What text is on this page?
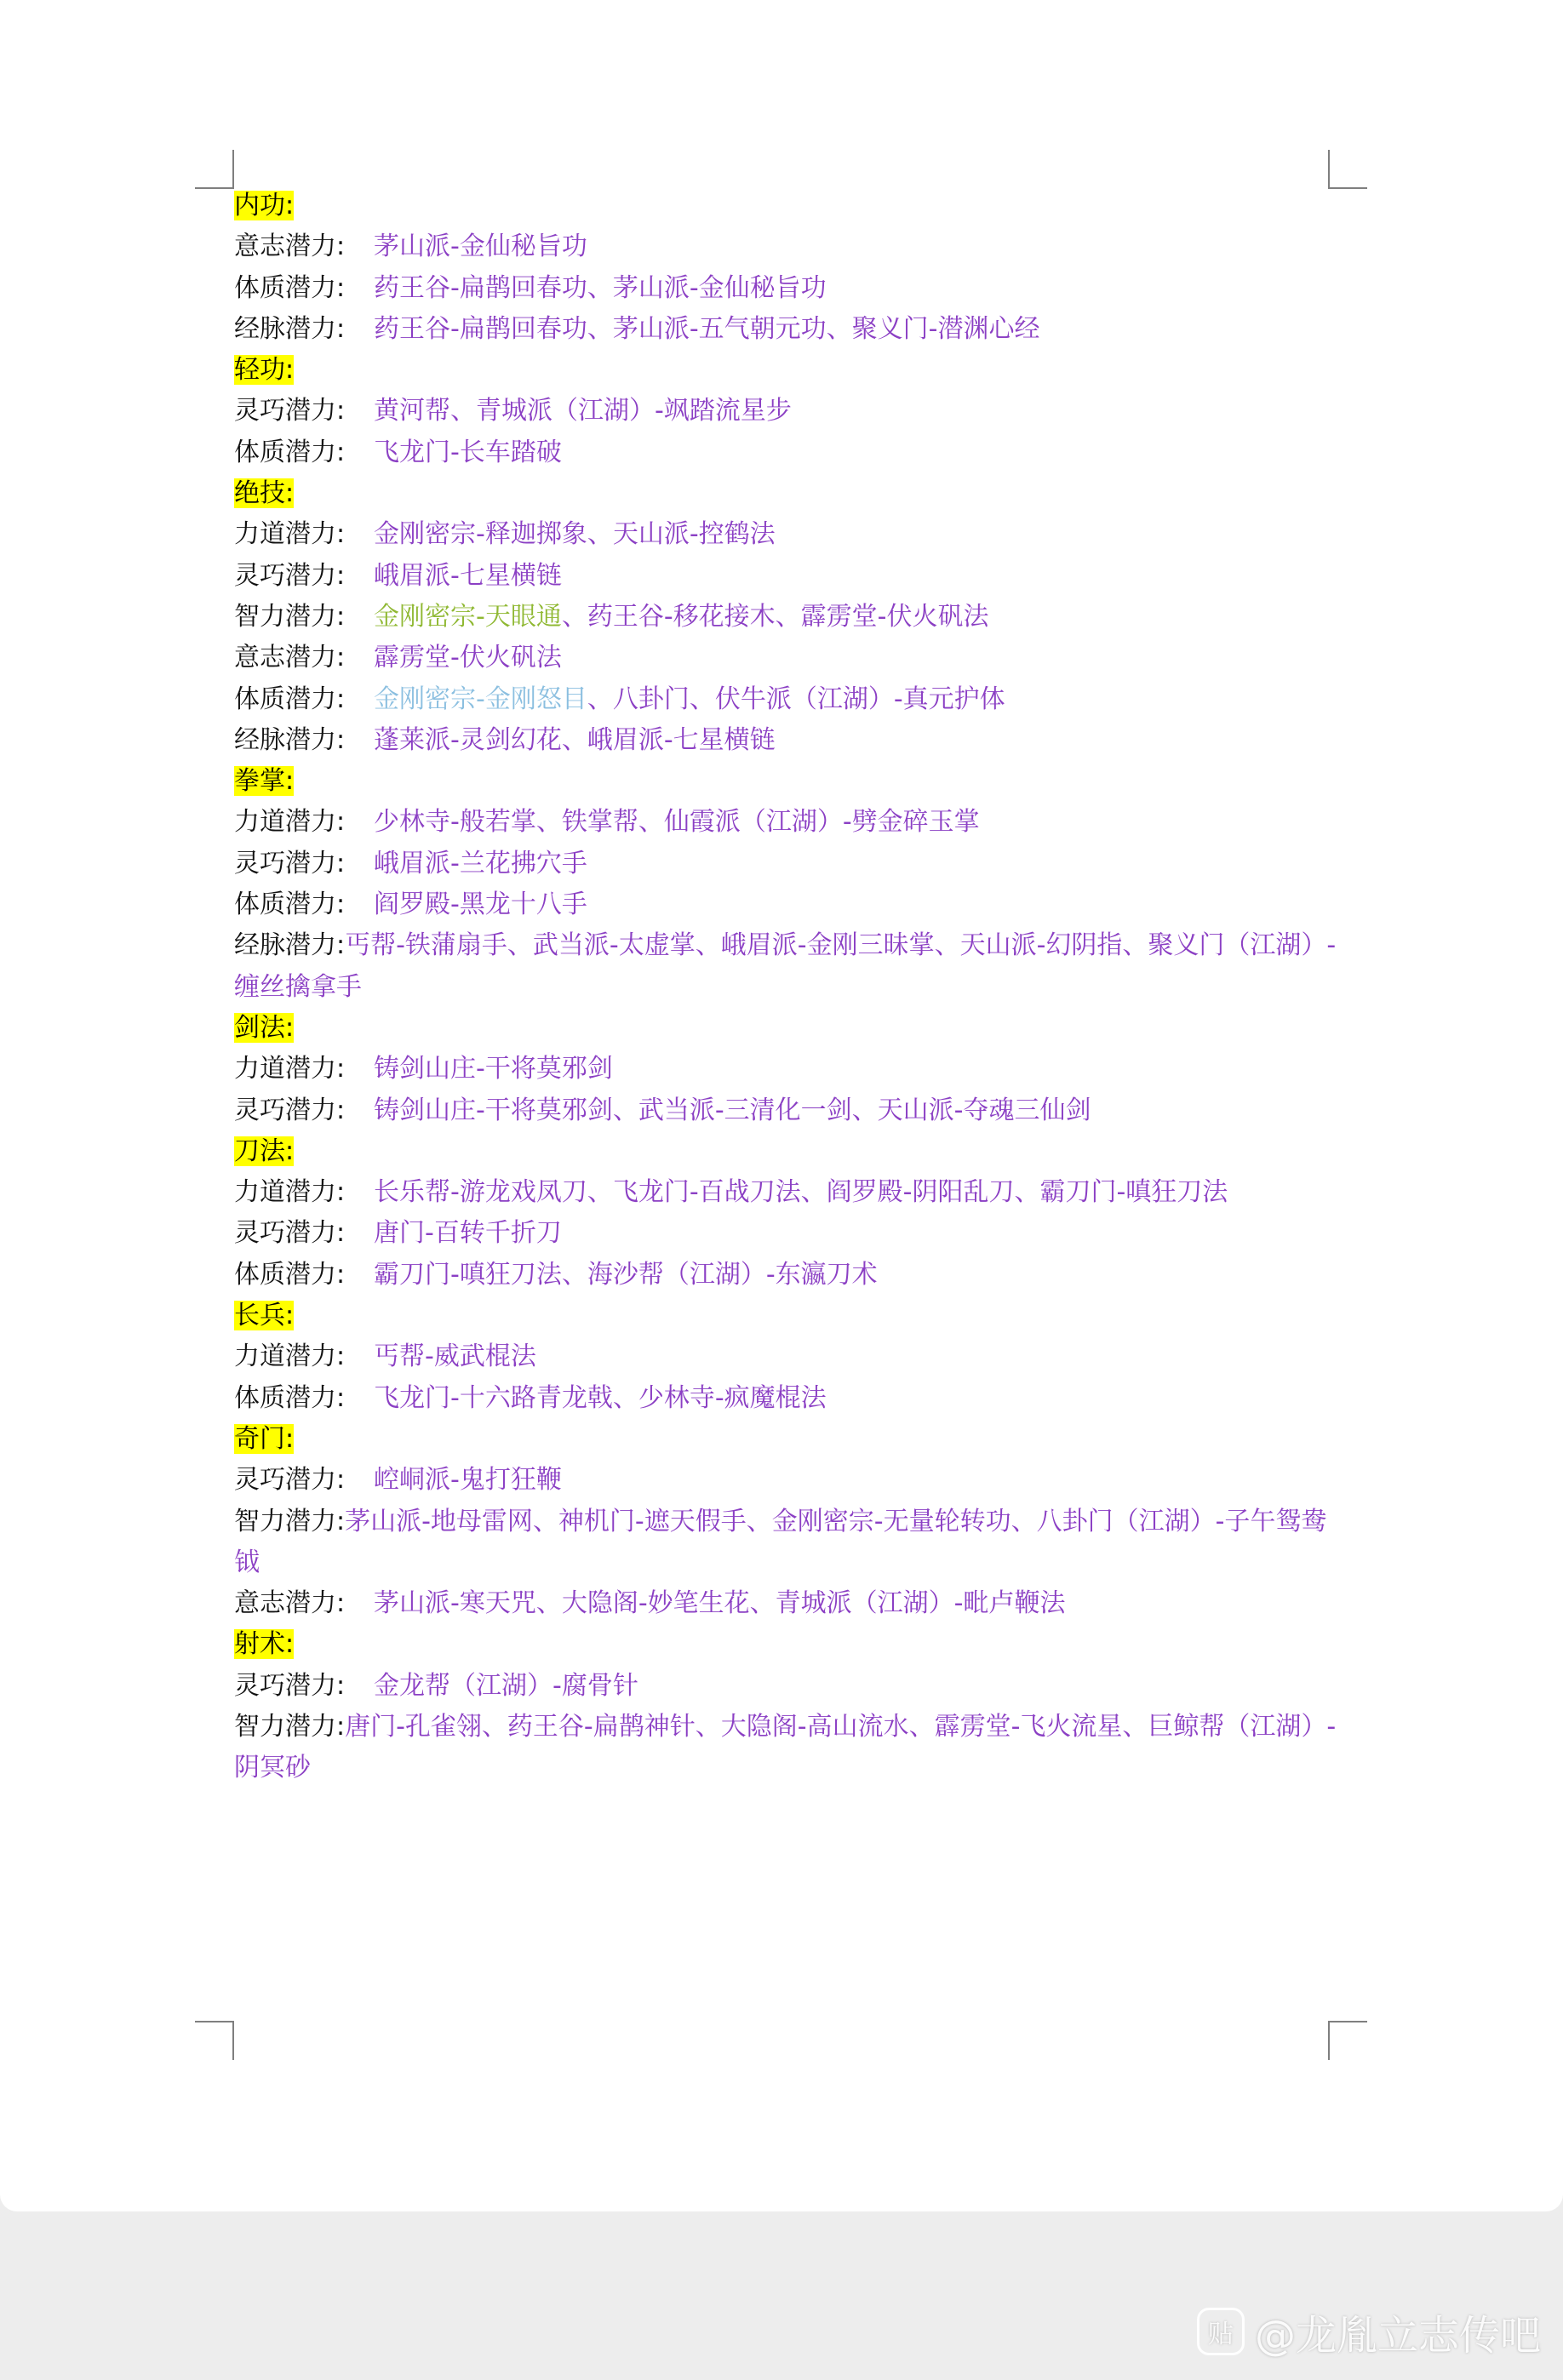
内功:
意志潜力:	茅山派-金仙秘旨功
体质潜力:	药王谷-扁鹊回春功、茅山派-金仙秘旨功
经脉潜力:	药王谷-扁鹊回春功、茅山派-五气朝元功、聚义门-潜渊心经
轻功:
灵巧潜力:	黄河帮、青城派（江湖）-飒踏流星步
体质潜力:	飞龙门-长车踏破
绝技:
力道潜力:	金刚密宗-释迦掷象、天山派-控鹤法
灵巧潜力:	峨眉派-七星横链
智力潜力:	金刚密宗-天眼通、药王谷-移花接木、霹雳堂-伏火矾法
意志潜力:	霹雳堂-伏火矾法
体质潜力:	金刚密宗-金刚怒目、八卦门、伏牛派（江湖）-真元护体
经脉潜力:	蓬莱派-灵剑幻花、峨眉派-七星横链
拳掌:
力道潜力:	少林寺-般若掌、铁掌帮、仙霞派（江湖）-劈金碎玉掌
灵巧潜力:	峨眉派-兰花拂穴手
体质潜力:	阎罗殿-黑龙十八手
经脉潜力:丐帮-铁蒲扇手、武当派-太虚掌、峨眉派-金刚三昧掌、天山派-幻阴指、聚义门（江湖）-缠丝擒拿手
剑法:
力道潜力:	铸剑山庄-干将莫邪剑
灵巧潜力:	铸剑山庄-干将莫邪剑、武当派-三清化一剑、天山派-夺魂三仙剑
刀法:
力道潜力:	长乐帮-游龙戏凤刀、飞龙门-百战刀法、阎罗殿-阴阳乱刀、霸刀门-嗔狂刀法
灵巧潜力:	唐门-百转千折刀
体质潜力:	霸刀门-嗔狂刀法、海沙帮（江湖）-东瀛刀术
长兵:
力道潜力:	丐帮-威武棍法
体质潜力:	飞龙门-十六路青龙戟、少林寺-疯魔棍法
奇门:
灵巧潜力:	崆峒派-鬼打狂鞭
智力潜力:茅山派-地母雷网、神机门-遮天假手、金刚密宗-无量轮转功、八卦门（江湖）-子午鸳鸯钺
意志潜力:	茅山派-寒天咒、大隐阁-妙笔生花、青城派（江湖）-毗卢鞭法
射术:
灵巧潜力:	金龙帮（江湖）-腐骨针
智力潜力:唐门-孔雀翎、药王谷-扁鹊神针、大隐阁-高山流水、霹雳堂-飞火流星、巨鲸帮（江湖）-阴冥砂
贴 @龙胤立志传吧
